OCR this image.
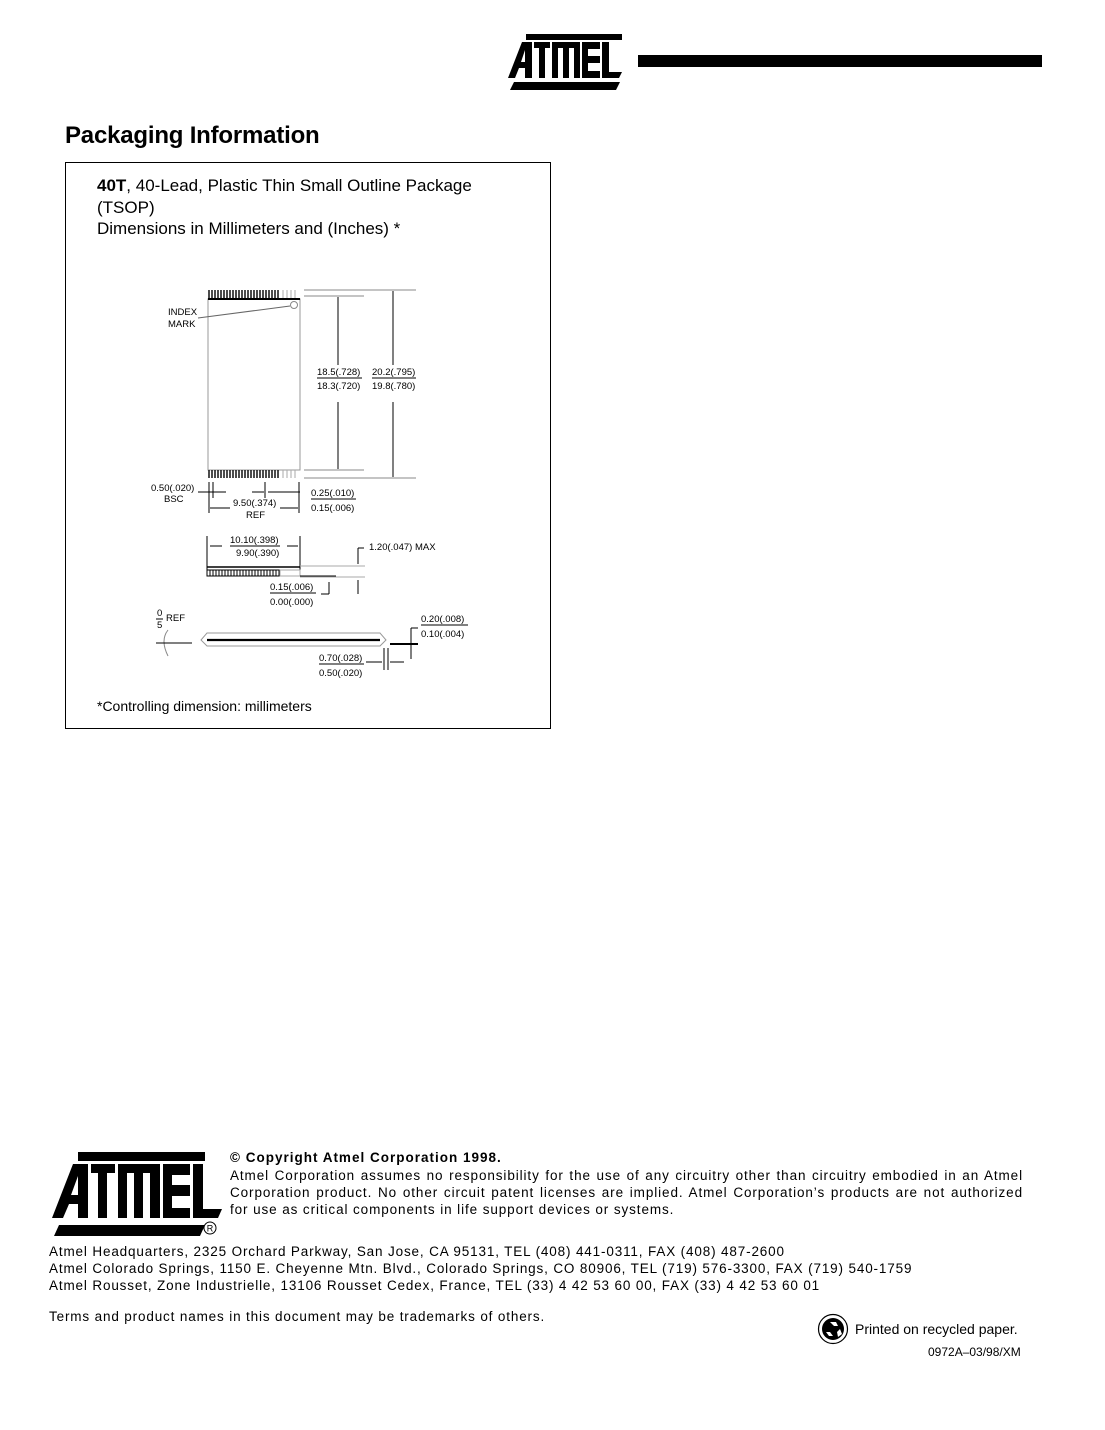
Packaging Information
40T, 40-Lead, Plastic Thin Small Outline Package
(TSOP)
Dimensions in Millimeters and (Inches) *
INDEX
MARK
18.5(.728)
18.3(.720)
20.2(.795)
19.8(.780)
0.50(.020)
BSC	9.50(.374)
REF
0.25(.010)
0.15(.006)
10.10(.398)
9.90(.390)
1.20(.047) MAX
0.15(.006)
0.00(.000)
0
5
REF	0.20(.008)
0.10(.004)
0.70(.028)
0.50(.020)
*Controlling dimension: millimeters
R
© Copyright Atmel Corporation 1998.
Atmel Corporation assumes no responsibility for the use of any circuitry other than circuitry embodied in an Atmel Corporation product. No other circuit patent licenses are implied. Atmel Corporation’s products are not authorized for use as critical components in life support devices or systems.
Atmel Headquarters, 2325 Orchard Parkway, San Jose, CA 95131, TEL (408) 441-0311, FAX (408) 487-2600
Atmel Colorado Springs, 1150 E. Cheyenne Mtn. Blvd., Colorado Springs, CO 80906, TEL (719) 576-3300, FAX (719) 540-1759
Atmel Rousset, Zone Industrielle, 13106 Rousset Cedex, France, TEL (33) 4 42 53 60 00, FAX (33) 4 42 53 60 01
Terms and product names in this document may be trademarks of others.
Printed on recycled paper.
0972A–03/98/XM
